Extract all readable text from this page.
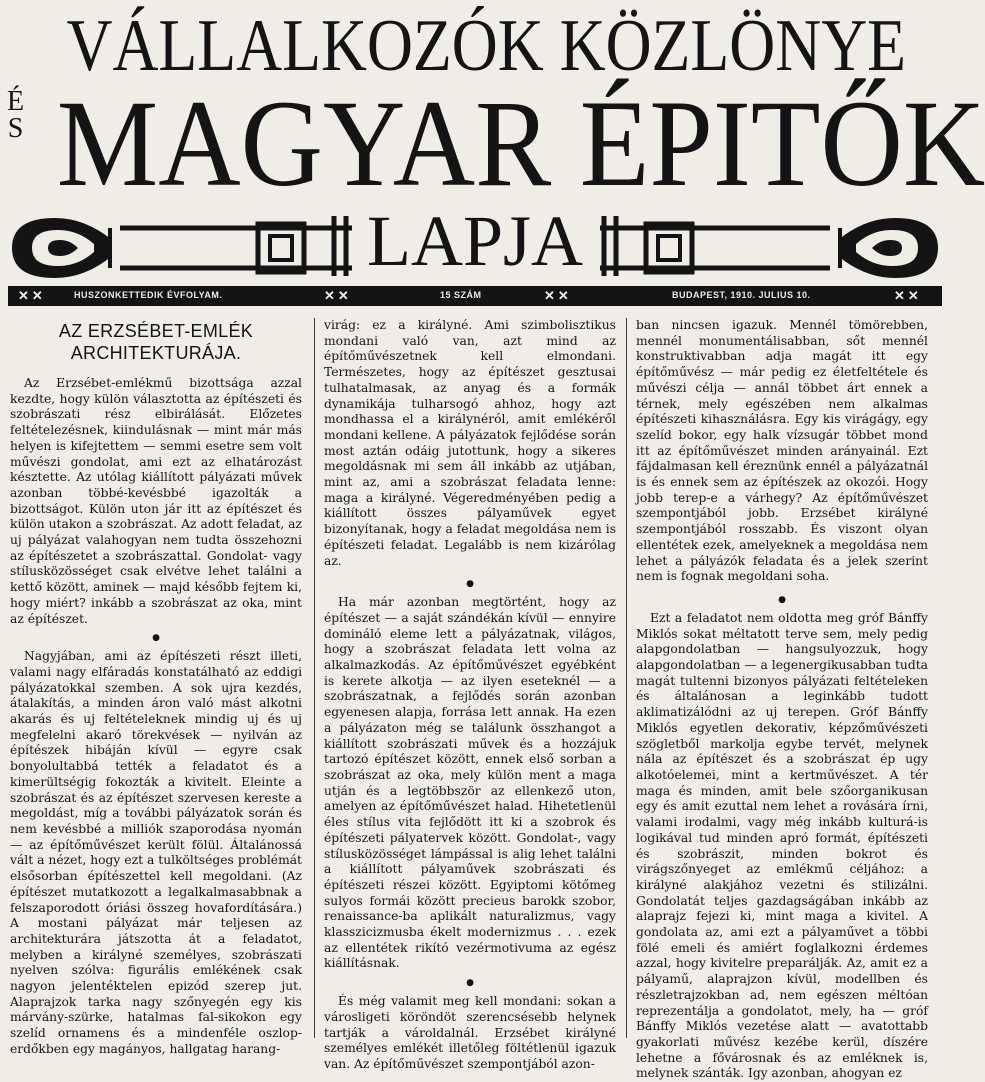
VÁLLALKOZÓK KÖZLÖNYE
ÉS MAGYAR ÉPITŐK
LAPJA
✕✕	HUSZONKETTEDIK ÉVFOLYAM.	✕✕	15 SZÁM	✕✕	BUDAPEST, 1910. JULIUS 10.	✕✕
AZ ERZSÉBET-EMLÉK ARCHITEKTURÁJA.

Az Erzsébet-emlékmű bizottsága azzal kezdte, hogy külön választotta az építészeti és szobrászati rész elbirálását. Előzetes feltételezésnek, kiindulásnak — mint már más helyen is kifejtettem — semmi esetre sem volt művészi gondolat, ami ezt az elhatározást késztette. Az utólag kiállított pályázati művek azonban többé-kevésbbé igazolták a bizottságot. Külön uton jár itt az építészet és külön utakon a szobrászat. Az adott feladat, az uj pályázat valahogyan nem tudta összehozni az építészetet a szobrászattal. Gondolat- vagy stílusközösséget csak elvétve lehet találni a kettő között, aminek — majd később fejtem ki, hogy miért? inkább a szobrászat az oka, mint az építészet.

●

Nagyjában, ami az építészeti részt illeti, valami nagy elfáradás konstatálható az eddigi pályázatokkal szemben. A sok ujra kezdés, átalakítás, a minden áron való mást alkotni akarás és uj feltételeknek mindig uj és uj megfelelni akaró törekvések — nyilván az építészek hibáján kívül — egyre csak bonyolultabbá tették a feladatot és a kimerültségig fokozták a kivitelt. Eleinte a szobrászat és az építészet szervesen kereste a megoldást, míg a további pályázatok során és nem kevésbbé a milliók szaporodása nyomán — az építőművészet került fölül. Általánossá vált a nézet, hogy ezt a tulköltséges problémát elsősorban építészettel kell megoldani. (Az építészet mutatkozott a legalkalmasabbnak a felszaporodott óriási összeg hovafordítására.) A mostani pályázat már teljesen az architekturára játszotta át a feladatot, melyben a királyné személyes, szobrászati nyelven szólva: figurális emlékének csak nagyon jelentéktelen epizód szerep jut. Alaprajzok tarka nagy szőnyegén egy kis márvány-szürke, hatalmas fal-sikokon egy szelíd ornamens és a mindenféle oszlop-erdőkben egy magányos, hallgatag harang-

virág: ez a királyné. Ami szimbolisztikus mondani való van, azt mind az építőművészetnek kell elmondani. Természetes, hogy az építészet gesztusai tulhatalmasak, az anyag és a formák dynamikája tulharsogó ahhoz, hogy azt mondhassa el a királynéról, amit emlékéről mondani kellene. A pályázatok fejlődése során most aztán odáig jutottunk, hogy a sikeres megoldásnak mi sem áll inkább az utjában, mint az, ami a szobrászat feladata lenne: maga a királyné. Végeredményében pedig a kiállított összes pályaművek egyet bizonyítanak, hogy a feladat megoldása nem is építészeti feladat. Legalább is nem kizárólag az.

●

Ha már azonban megtörtént, hogy az építészet — a saját szándékán kívül — ennyire domináló eleme lett a pályázatnak, világos, hogy a szobrászat feladata lett volna az alkalmazkodás. Az építőművészet egyébként is kerete alkotja — az ilyen eseteknél — a szobrászatnak, a fejlődés során azonban egyenesen alapja, forrása lett annak. Ha ezen a pályázaton még se találunk összhangot a kiállított szobrászati művek és a hozzájuk tartozó építészet között, ennek első sorban a szobrászat az oka, mely külön ment a maga utján és a legtöbbször az ellenkező uton, amelyen az építőművészet halad. Hihetetlenül éles stílus vita fejlődött itt ki a szobrok és építészeti pályatervek között. Gondolat-, vagy stílusközösséget lámpással is alig lehet találni a kiállított pályaművek szobrászati és építészeti részei között. Egyiptomi kötőmeg sulyos formái között precieus barokk szobor, renaissance-ba aplikált naturalizmus, vagy klasszicizmusba ékelt modernizmus . . . ezek az ellentétek rikító vezérmotivuma az egész kiállításnak.

●

És még valamit meg kell mondani: sokan a városligeti köröndöt szerencsésebb helynek tartják a vároldalnál. Erzsébet királyné személyes emlékét illetőleg föltétlenül igazuk van. Az építőművészet szempontjából azon-

ban nincsen igazuk. Mennél tömörebben, mennél monumentálisabban, sőt mennél konstruktivabban adja magát itt egy építőművész — már pedig ez életfeltétele és művészi célja — annál többet árt ennek a térnek, mely egészében nem alkalmas építészeti kihasználásra. Egy kis virágágy, egy szelíd bokor, egy halk vízsugár többet mond itt az építőművészet minden arányainál. Ezt fájdalmasan kell éreznünk ennél a pályázatnál is és ennek sem az építészek az okozói. Hogy jobb terep-e a várhegy? Az építőművészet szempontjából jobb. Erzsébet királyné szempontjából rosszabb. És viszont olyan ellentétek ezek, amelyeknek a megoldása nem lehet a pályázók feladata és a jelek szerint nem is fognak megoldani soha.

●

Ezt a feladatot nem oldotta meg gróf Bánffy Miklós sokat méltatott terve sem, mely pedig alapgondolatban — hangsulyozzuk, hogy alapgondolatban — a legenergikusabban tudta magát tultenni bizonyos pályázati feltételeken és általánosan a leginkább tudott aklimatizálódni az uj terepen. Gróf Bánffy Miklós egyetlen dekorativ, képzőművészeti szögletből markolja egybe tervét, melynek nála az építészet és a szobrászat ép ugy alkotóelemei, mint a kertművészet. A tér maga és minden, amit bele szőorganikusan egy és amit ezuttal nem lehet a rovására írni, valami irodalmi, vagy még inkább kulturá-is logikával tud minden apró formát, építészeti és szobrászit, minden bokrot és virágszőnyeget az emlékmű céljához: a királyné alakjához vezetni és stilizálni. Gondolatát teljes gazdagságában inkább az alaprajz fejezi ki, mint maga a kivitel. A gondolata az, ami ezt a pályaművet a többi fölé emeli és amiért foglalkozni érdemes azzal, hogy kivitelre preparálják. Az, amit ez a pályamű, alaprajzon kívül, modellben és részletrajzokban ad, nem egészen méltóan reprezentálja a gondolatot, mely, ha — gróf Bánffy Miklós vezetése alatt — avatottabb gyakorlati művész kezébe kerül, díszére lehetne a fővárosnak és az emléknek is, melynek szánták. Igy azonban, ahogyan ez
